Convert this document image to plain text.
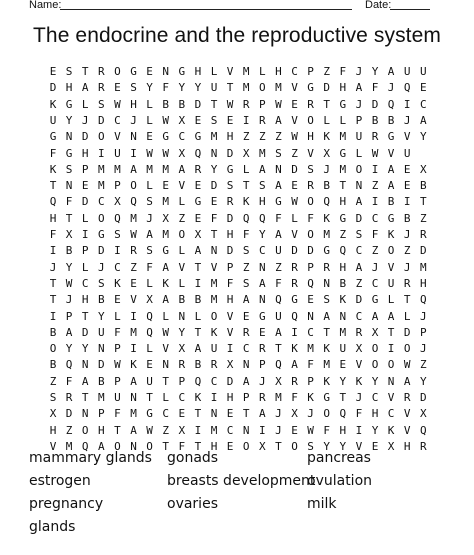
Name:	Date:
The endocrine and the reproductive system
E S T R O G E N G H L V M L H C P Z F J Y A U U
D H A R E S Y F Y Y U T M O M V G D H A F J Q E
K G L S W H L B B D T W R P W E R T G J D Q I C
U Y J D C J L W X E S E I R A V O L L P B B J A
G N D O V N E G C G M H Z Z Z W H K M U R G V Y
F G H I U I W W X Q N D X M S Z V X G L W V U
K S P M M A M M A R Y G L A N D S J M O I A E X
T N E M P O L E V E D S T S A E R B T N Z A E B
Q F D C X Q S M L G E R K H G W O Q H A I B I T
H T L O Q M J X Z E F D Q Q F L F K G D C G B Z
F X I G S W A M O X T H F Y A V O M Z S F K J R
I B P D I R S G L A N D S C U D D G Q C Z O Z D
J Y L J C Z F A V T V P Z N Z R P R H A J V J M
T W C S K E L K L I M F S A F R Q N B Z C U R H
T J H B E V X A B B M H A N Q G E S K D G L T Q
I P T Y L I Q L N L O V E G U Q N A N C A A L J
B A D U F M Q W Y T K V R E A I C T M R X T D P
O Y Y N P I L V X A U I C R T K M K U X O I O J
B Q N D W K E N R B R X N P Q A F M E V O O W Z
Z F A B P A U T P Q C D A J X R P K Y K Y N A Y
S R T M U N T L C K I H P R M F K G T J C V R D
X D N P F M G C E T N E T A J X J O Q F H C V X
H Z O H T A W Z X I M C N I J E W F H I Y K V Q
V M Q A O N O T F T H E O X T O S Y Y V E X H R
mammary glands gonads	pancreas
estrogen	breasts development
ovulation
pregnancy	ovaries	milk
glands
